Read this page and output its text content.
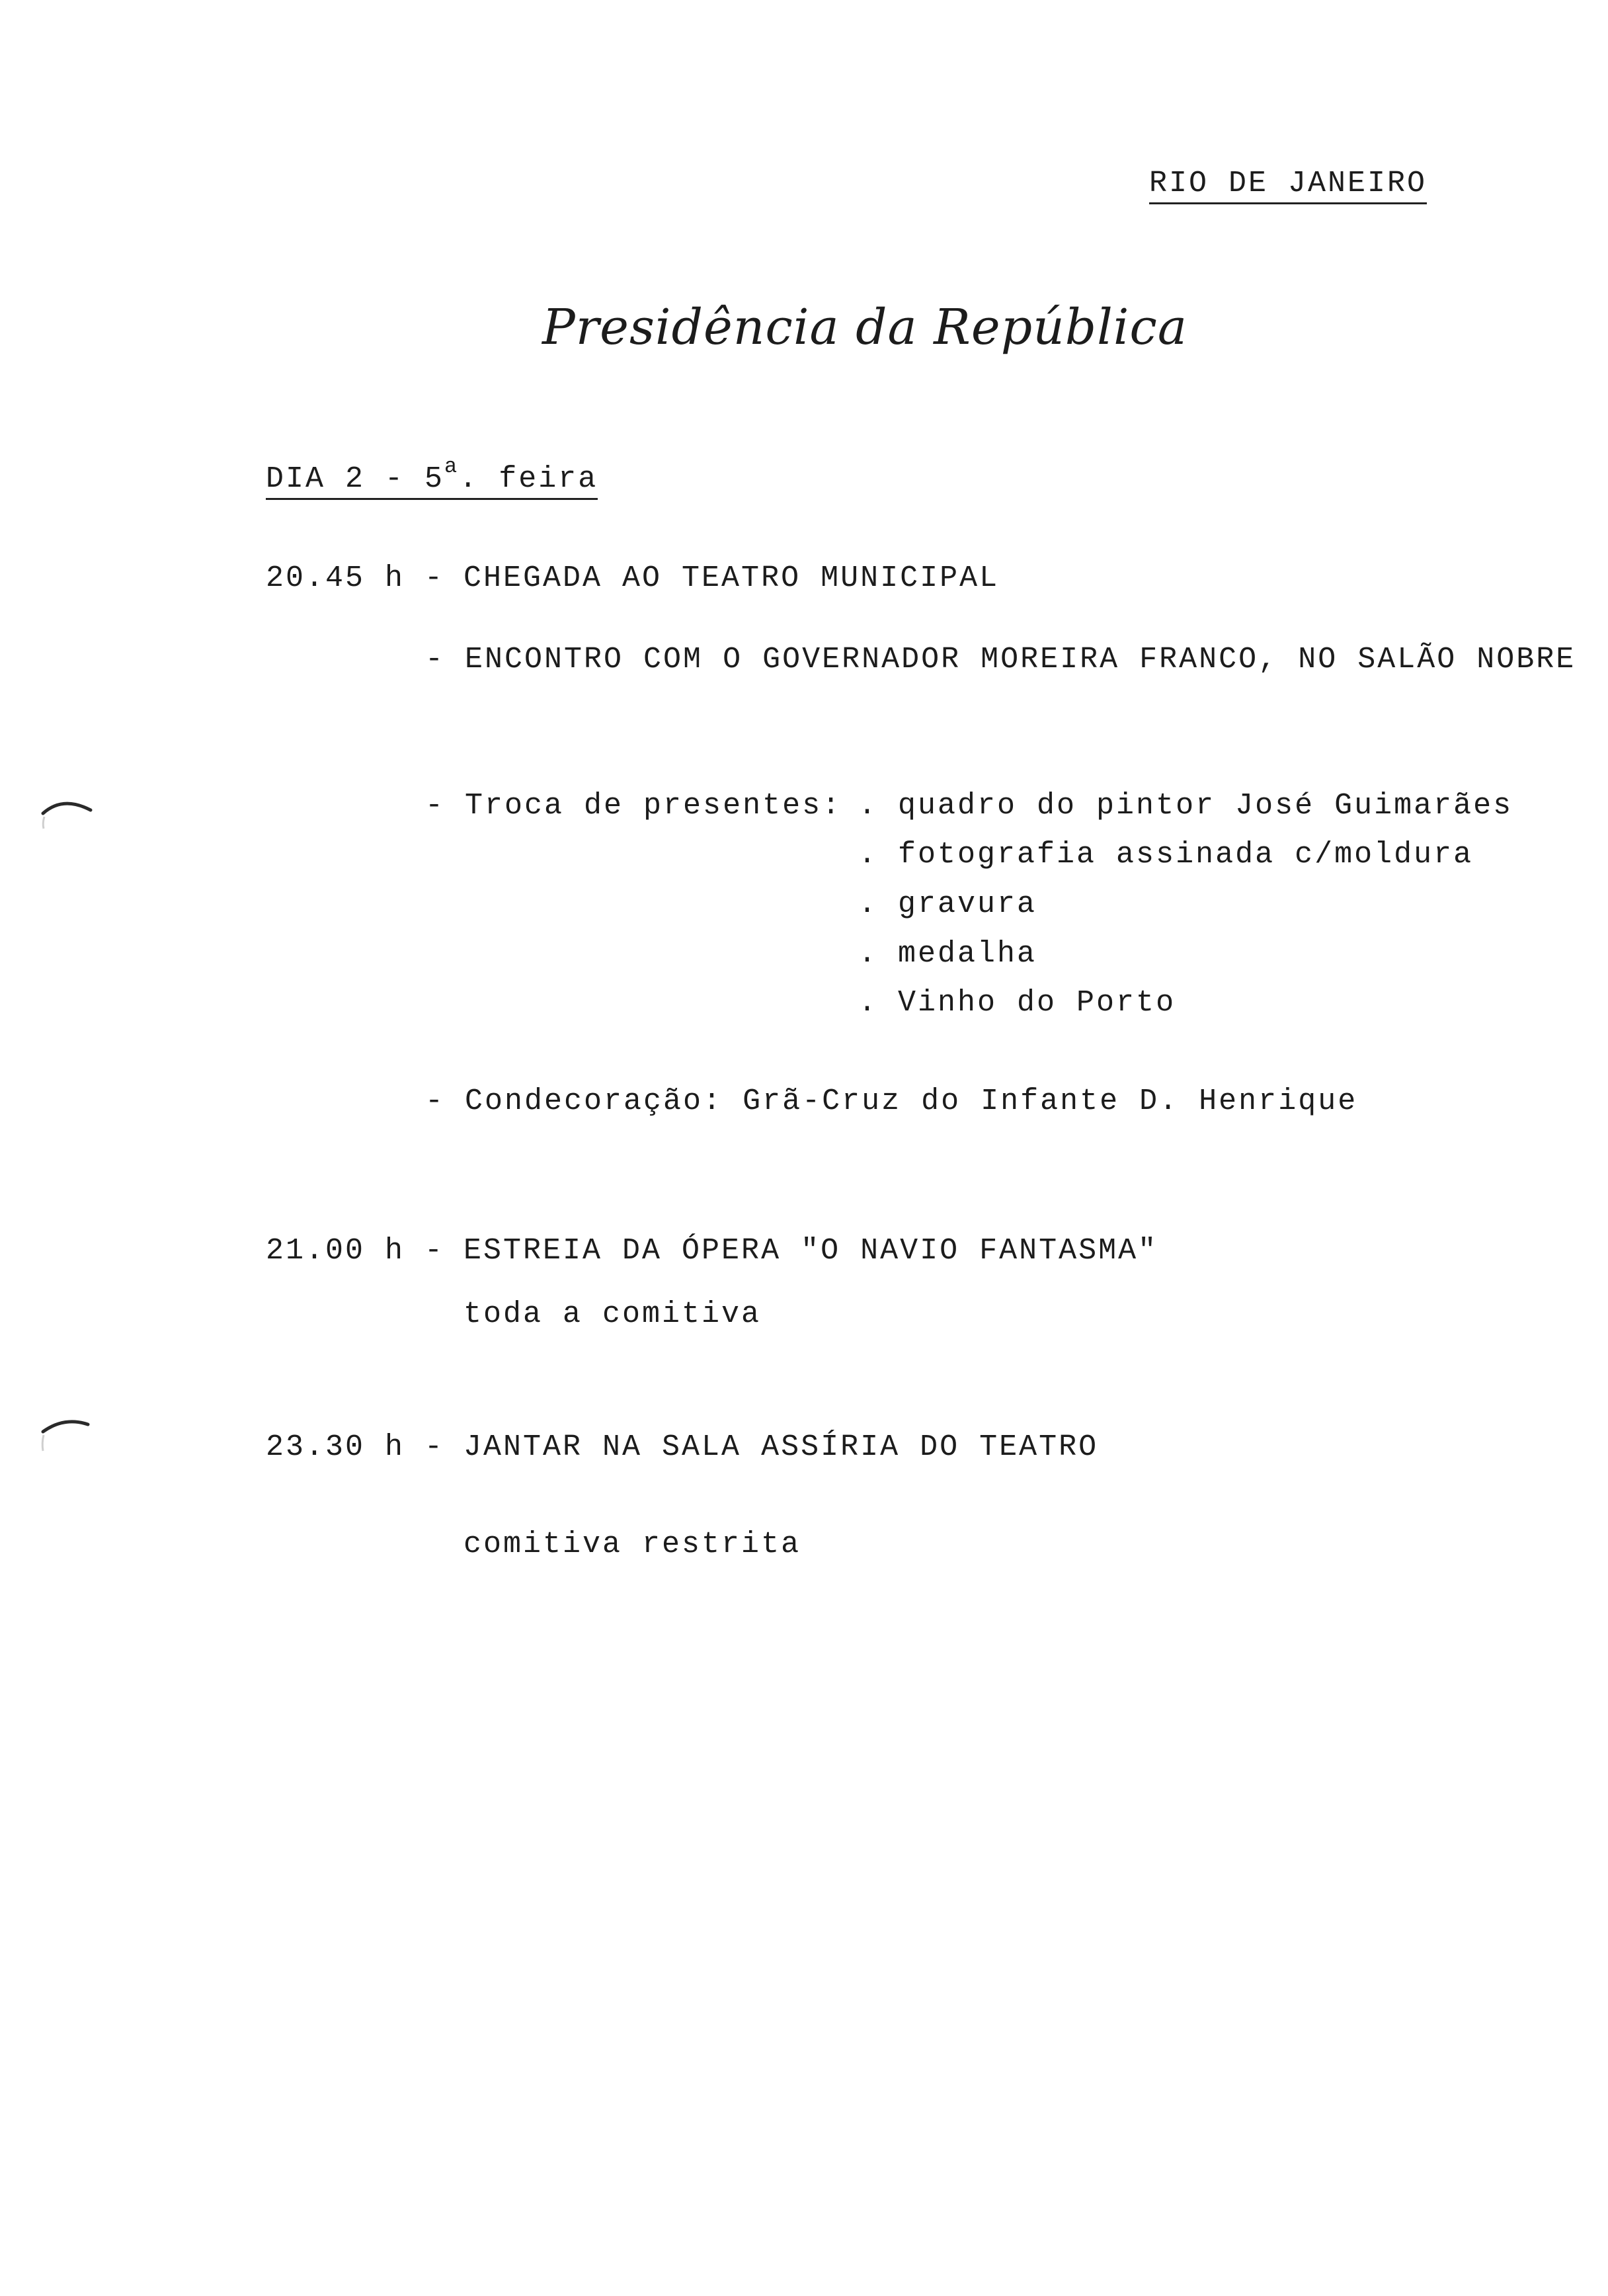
RIO DE JANEIRO
Presidência da República
DIA 2 - 5$^a$. feira
20.45 h -
CHEGADA AO TEATRO MUNICIPAL
- ENCONTRO COM O GOVERNADOR MOREIRA FRANCO, NO SALÃO NOBRE
- Troca de presentes: . quadro do pintor José Guimarães
. fotografia assinada c/moldura
. gravura
. medalha
. Vinho do Porto
- Condecoração: Grã-Cruz do Infante D. Henrique
21.00 h -
ESTREIA DA ÓPERA "O NAVIO FANTASMA"
toda a comitiva
23.30 h -
JANTAR NA SALA ASSÍRIA DO TEATRO
comitiva restrita
